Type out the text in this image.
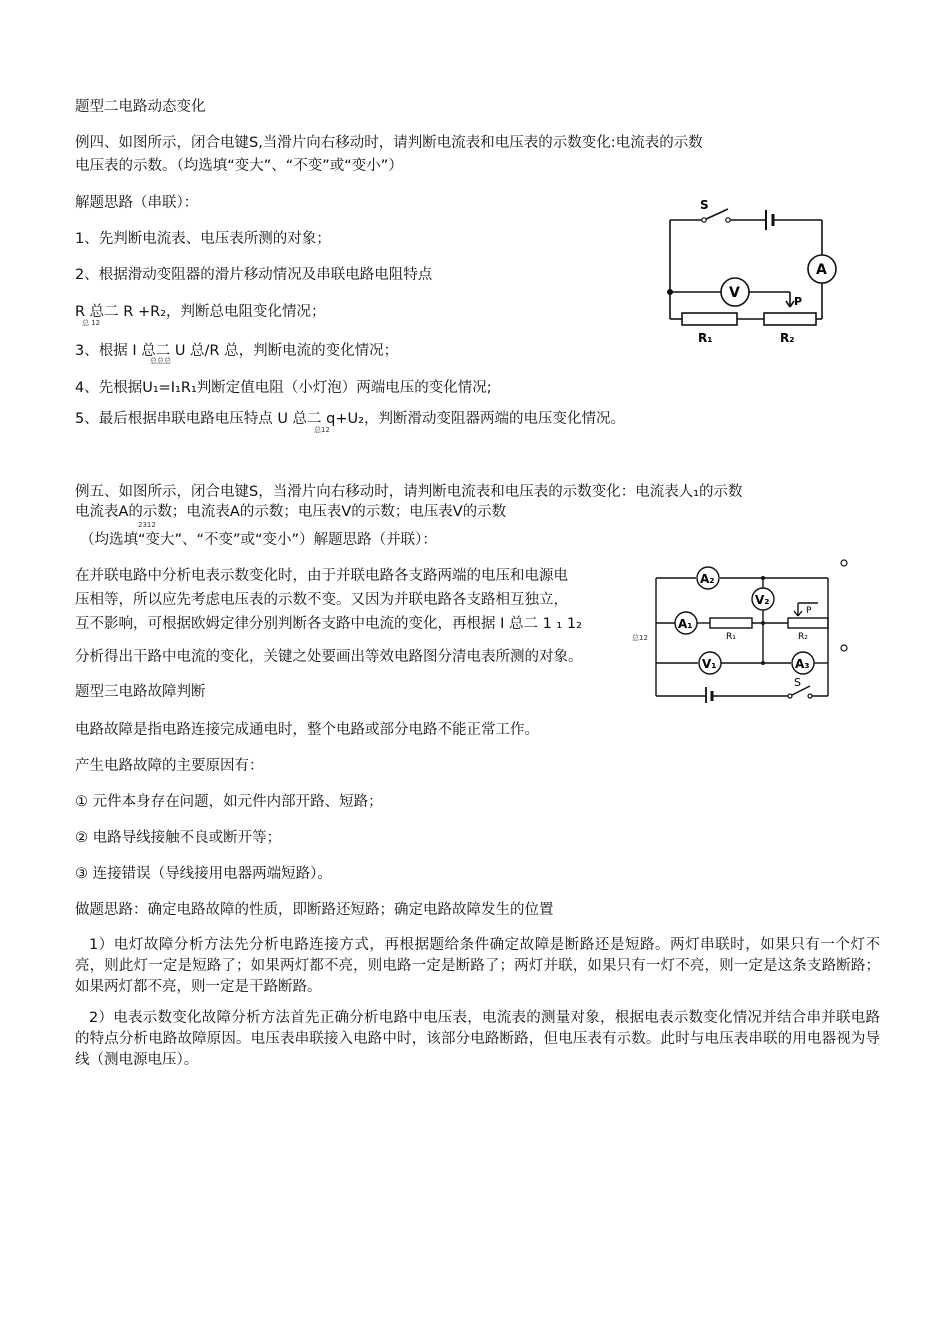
题型二电路动态变化
例四、如图所示，闭合电键S,当滑片向右移动时，请判断电流表和电压表的示数变化:电流表的示数
电压表的示数。（均选填“变大”、“不变”或“变小”）
解题思路（串联）：
1、先判断电流表、电压表所测的对象；
2、根据滑动变阻器的滑片移动情况及串联电路电阻特点
R 总二 R +R₂，判断总电阻变化情况；
总 12
3、根据 I 总二 U 总/R 总，判断电流的变化情况；
总总总
4、先根据U₁=I₁R₁判断定值电阻（小灯泡）两端电压的变化情况;
5、最后根据串联电路电压特点 U 总二 q+U₂，判断滑动变阻器两端的电压变化情况。
总12
S
A
V
P
R₁	R₂
例五、如图所示，闭合电键S，当滑片向右移动时，请判断电流表和电压表的示数变化：电流表人₁的示数
电流表A的示数；电流表A的示数；电压表V的示数；电压表V的示数
2312
（均选填“变大”、“不变”或“变小”）解题思路（并联）：
在并联电路中分析电表示数变化时，由于并联电路各支路两端的电压和电源电
压相等，所以应先考虑电压表的示数不变。又因为并联电路各支路相互独立，
互不影响，可根据欧姆定律分别判断各支路中电流的变化，再根据 I 总二 1 ₁ 1₂
总12
分析得出干路中电流的变化，关键之处要画出等效电路图分清电表所测的对象。
A₂
V₂
A₁
R₁	R₂
P
V₁	A₃
S
题型三电路故障判断
电路故障是指电路连接完成通电时，整个电路或部分电路不能正常工作。
产生电路故障的主要原因有：
① 元件本身存在问题，如元件内部开路、短路；
② 电路导线接触不良或断开等；
③ 连接错误（导线接用电器两端短路）。
做题思路：确定电路故障的性质，即断路还短路；确定电路故障发生的位置
1）电灯故障分析方法先分析电路连接方式，再根据题给条件确定故障是断路还是短路。两灯串联时，如果只有一个灯不亮，则此灯一定是短路了；如果两灯都不亮，则电路一定是断路了；两灯并联，如果只有一灯不亮，则一定是这条支路断路；如果两灯都不亮，则一定是干路断路。
2）电表示数变化故障分析方法首先正确分析电路中电压表，电流表的测量对象，根据电表示数变化情况并结合串并联电路的特点分析电路故障原因。电压表串联接入电路中时，该部分电路断路，但电压表有示数。此时与电压表串联的用电器视为导线（测电源电压）。
